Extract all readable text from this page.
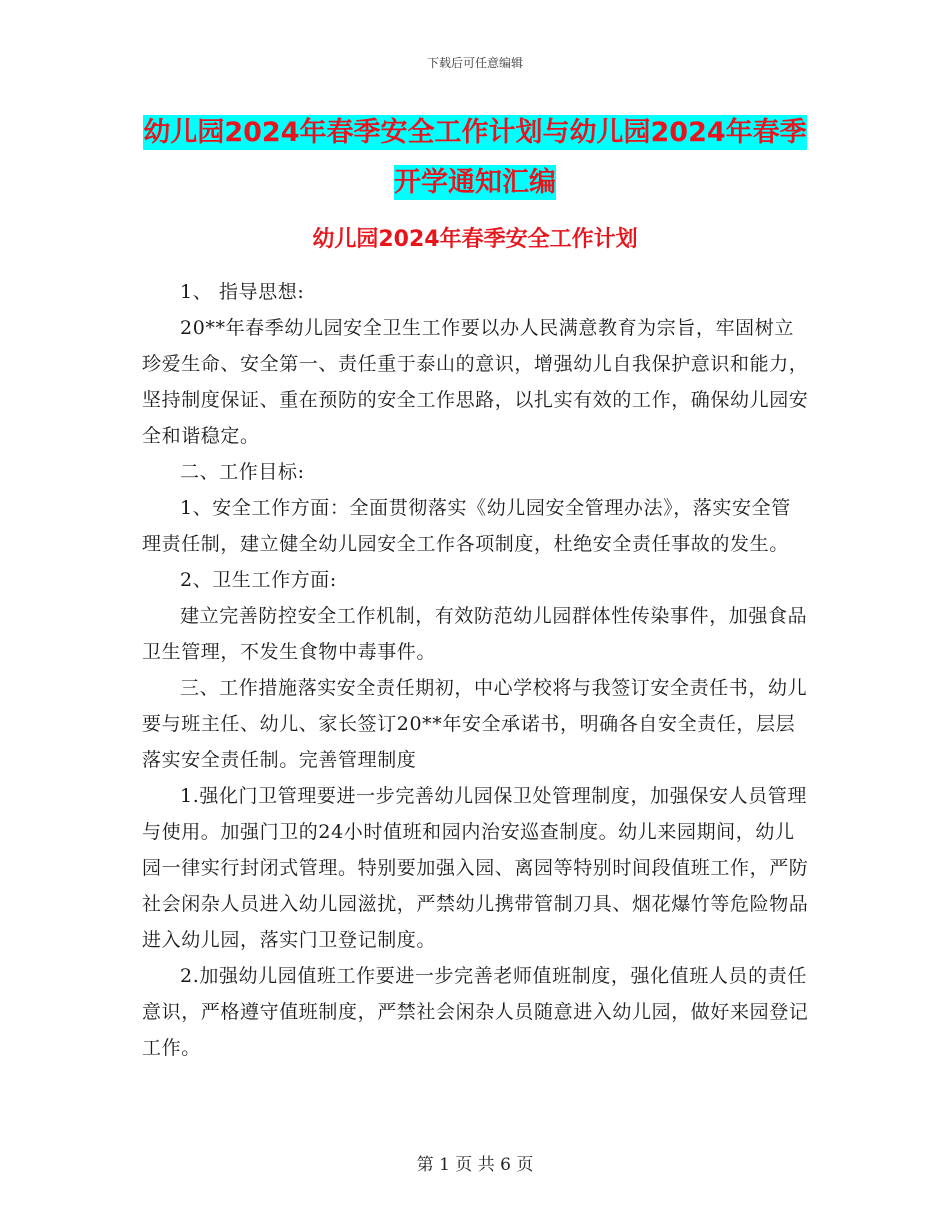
下载后可任意编辑
幼儿园2024年春季安全工作计划与幼儿园2024年春季开学通知汇编
幼儿园2024年春季安全工作计划

1、 指导思想:

20**年春季幼儿园安全卫生工作要以办人民满意教育为宗旨，牢固树立珍爱生命、安全第一、责任重于泰山的意识，增强幼儿自我保护意识和能力，坚持制度保证、重在预防的安全工作思路，以扎实有效的工作，确保幼儿园安全和谐稳定。

二、工作目标:

1、安全工作方面：全面贯彻落实《幼儿园安全管理办法》，落实安全管理责任制，建立健全幼儿园安全工作各项制度，杜绝安全责任事故的发生。

2、卫生工作方面:

建立完善防控安全工作机制，有效防范幼儿园群体性传染事件，加强食品卫生管理，不发生食物中毒事件。

三、工作措施落实安全责任期初，中心学校将与我签订安全责任书，幼儿要与班主任、幼儿、家长签订20**年安全承诺书，明确各自安全责任，层层落实安全责任制。完善管理制度

1.强化门卫管理要进一步完善幼儿园保卫处管理制度，加强保安人员管理与使用。加强门卫的24小时值班和园内治安巡查制度。幼儿来园期间，幼儿园一律实行封闭式管理。特别要加强入园、离园等特别时间段值班工作，严防社会闲杂人员进入幼儿园滋扰，严禁幼儿携带管制刀具、烟花爆竹等危险物品进入幼儿园，落实门卫登记制度。

2.加强幼儿园值班工作要进一步完善老师值班制度，强化值班人员的责任意识，严格遵守值班制度，严禁社会闲杂人员随意进入幼儿园，做好来园登记工作。

第 1 页 共 6 页
